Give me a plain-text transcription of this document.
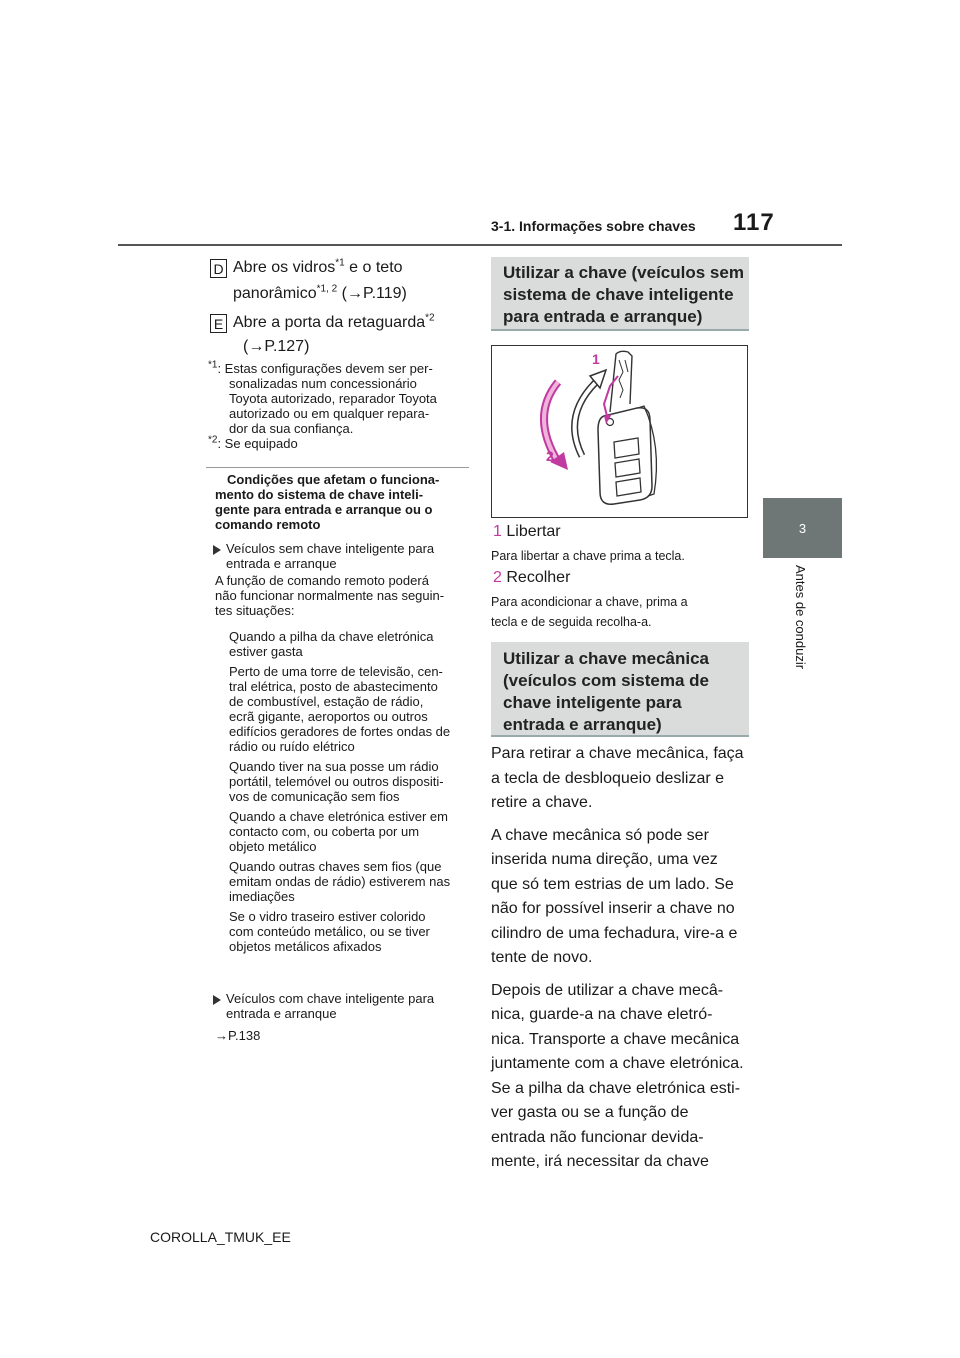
3-1. Informações sobre chaves 117
3
Antes de conduzir
D Abre os vidros$^{*1}$ e o teto
panorâmico$^{*1, 2}$ (→P.119)
E Abre a porta da retaguarda$^{*2}$
(→P.127)
$^{*1}$: Estas configurações devem ser per-
sonalizadas num concessionário
Toyota autorizado, reparador Toyota
autorizado ou em qualquer repara-
dor da sua confiança.
$^{*2}$: Se equipado
Condições que afetam o funciona-
mento do sistema de chave inteli-
gente para entrada e arranque ou o
comando remoto
Veículos sem chave inteligente para
entrada e arranque
A função de comando remoto poderá
não funcionar normalmente nas seguin-
tes situações:
Quando a pilha da chave eletrónica
estiver gasta
Perto de uma torre de televisão, cen-
tral elétrica, posto de abastecimento
de combustível, estação de rádio,
ecrã gigante, aeroportos ou outros
edifícios geradores de fortes ondas de
rádio ou ruído elétrico
Quando tiver na sua posse um rádio
portátil, telemóvel ou outros dispositi-
vos de comunicação sem fios
Quando a chave eletrónica estiver em
contacto com, ou coberta por um
objeto metálico
Quando outras chaves sem fios (que
emitam ondas de rádio) estiverem nas
imediações
Se o vidro traseiro estiver colorido
com conteúdo metálico, ou se tiver
objetos metálicos afixados
Veículos com chave inteligente para
entrada e arranque
→P.138
Utilizar a chave (veículos sem
sistema de chave inteligente
para entrada e arranque)
1
2
1 Libertar
Para libertar a chave prima a tecla.
2 Recolher
Para acondicionar a chave, prima a
tecla e de seguida recolha-a.
Utilizar a chave mecânica
(veículos com sistema de
chave inteligente para
entrada e arranque)
Para retirar a chave mecânica, faça
a tecla de desbloqueio deslizar e
retire a chave.
A chave mecânica só pode ser
inserida numa direção, uma vez
que só tem estrias de um lado. Se
não for possível inserir a chave no
cilindro de uma fechadura, vire-a e
tente de novo.
Depois de utilizar a chave mecâ-
nica, guarde-a na chave eletró-
nica. Transporte a chave mecânica
juntamente com a chave eletrónica.
Se a pilha da chave eletrónica esti-
ver gasta ou se a função de
entrada não funcionar devida-
mente, irá necessitar da chave
COROLLA_TMUK_EE
